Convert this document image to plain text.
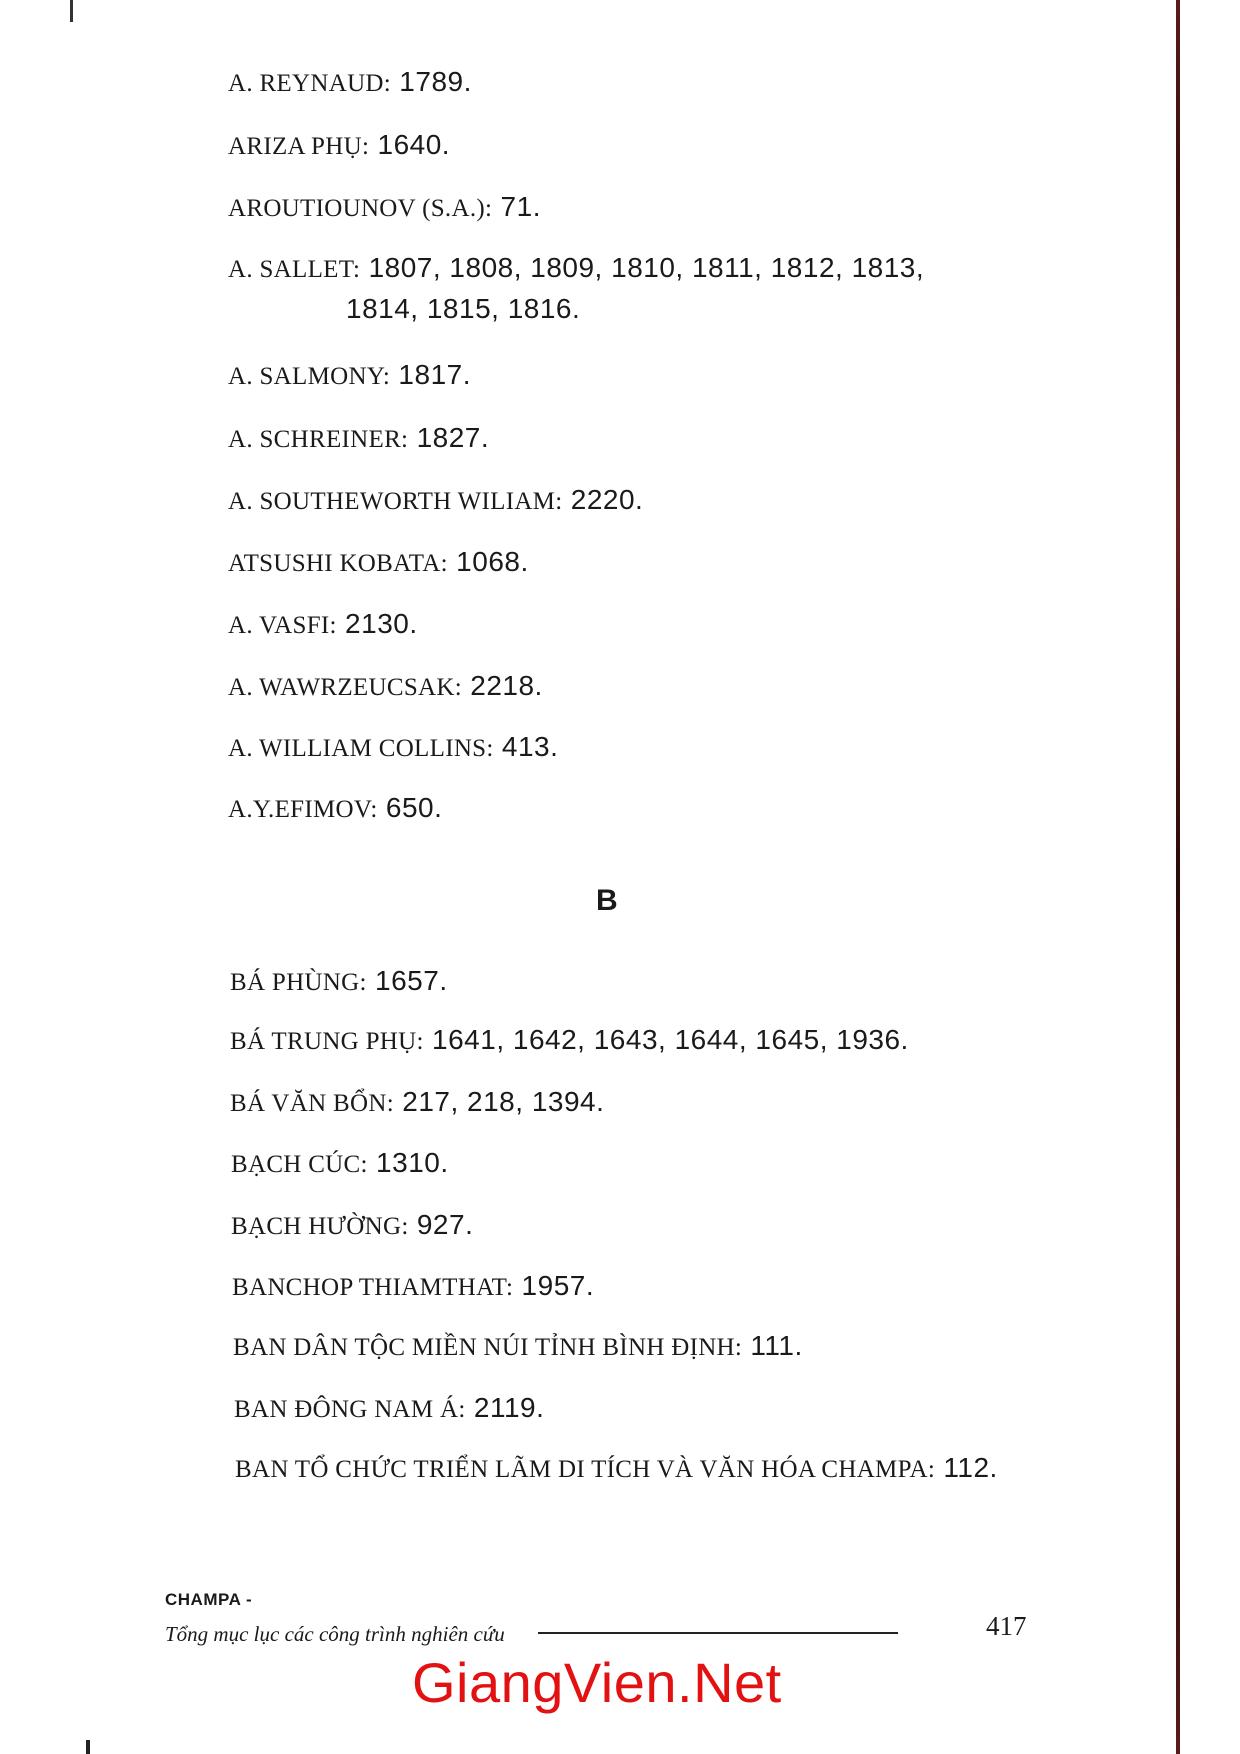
A. REYNAUD: 1789.
ARIZA PHỤ: 1640.
AROUTIOUNOV (S.A.): 71.
A. SALLET: 1807, 1808, 1809, 1810, 1811, 1812, 1813,
1814, 1815, 1816.
A. SALMONY: 1817.
A. SCHREINER: 1827.
A. SOUTHEWORTH WILIAM: 2220.
ATSUSHI KOBATA: 1068.
A. VASFI: 2130.
A. WAWRZEUCSAK: 2218.
A. WILLIAM COLLINS: 413.
A.Y.EFIMOV: 650.
B
BÁ PHÙNG: 1657.
BÁ TRUNG PHỤ: 1641, 1642, 1643, 1644, 1645, 1936.
BÁ VĂN BỔN: 217, 218, 1394.
BẠCH CÚC: 1310.
BẠCH HƯỜNG: 927.
BANCHOP THIAMTHAT: 1957.
BAN DÂN TỘC MIỀN NÚI TỈNH BÌNH ĐỊNH: 111.
BAN ĐÔNG NAM Á: 2119.
BAN TỔ CHỨC TRIỂN LÃM DI TÍCH VÀ VĂN HÓA CHAMPA: 112.
CHAMPA -
Tổng mục lục các công trình nghiên cứu	417
GiangVien.Net
